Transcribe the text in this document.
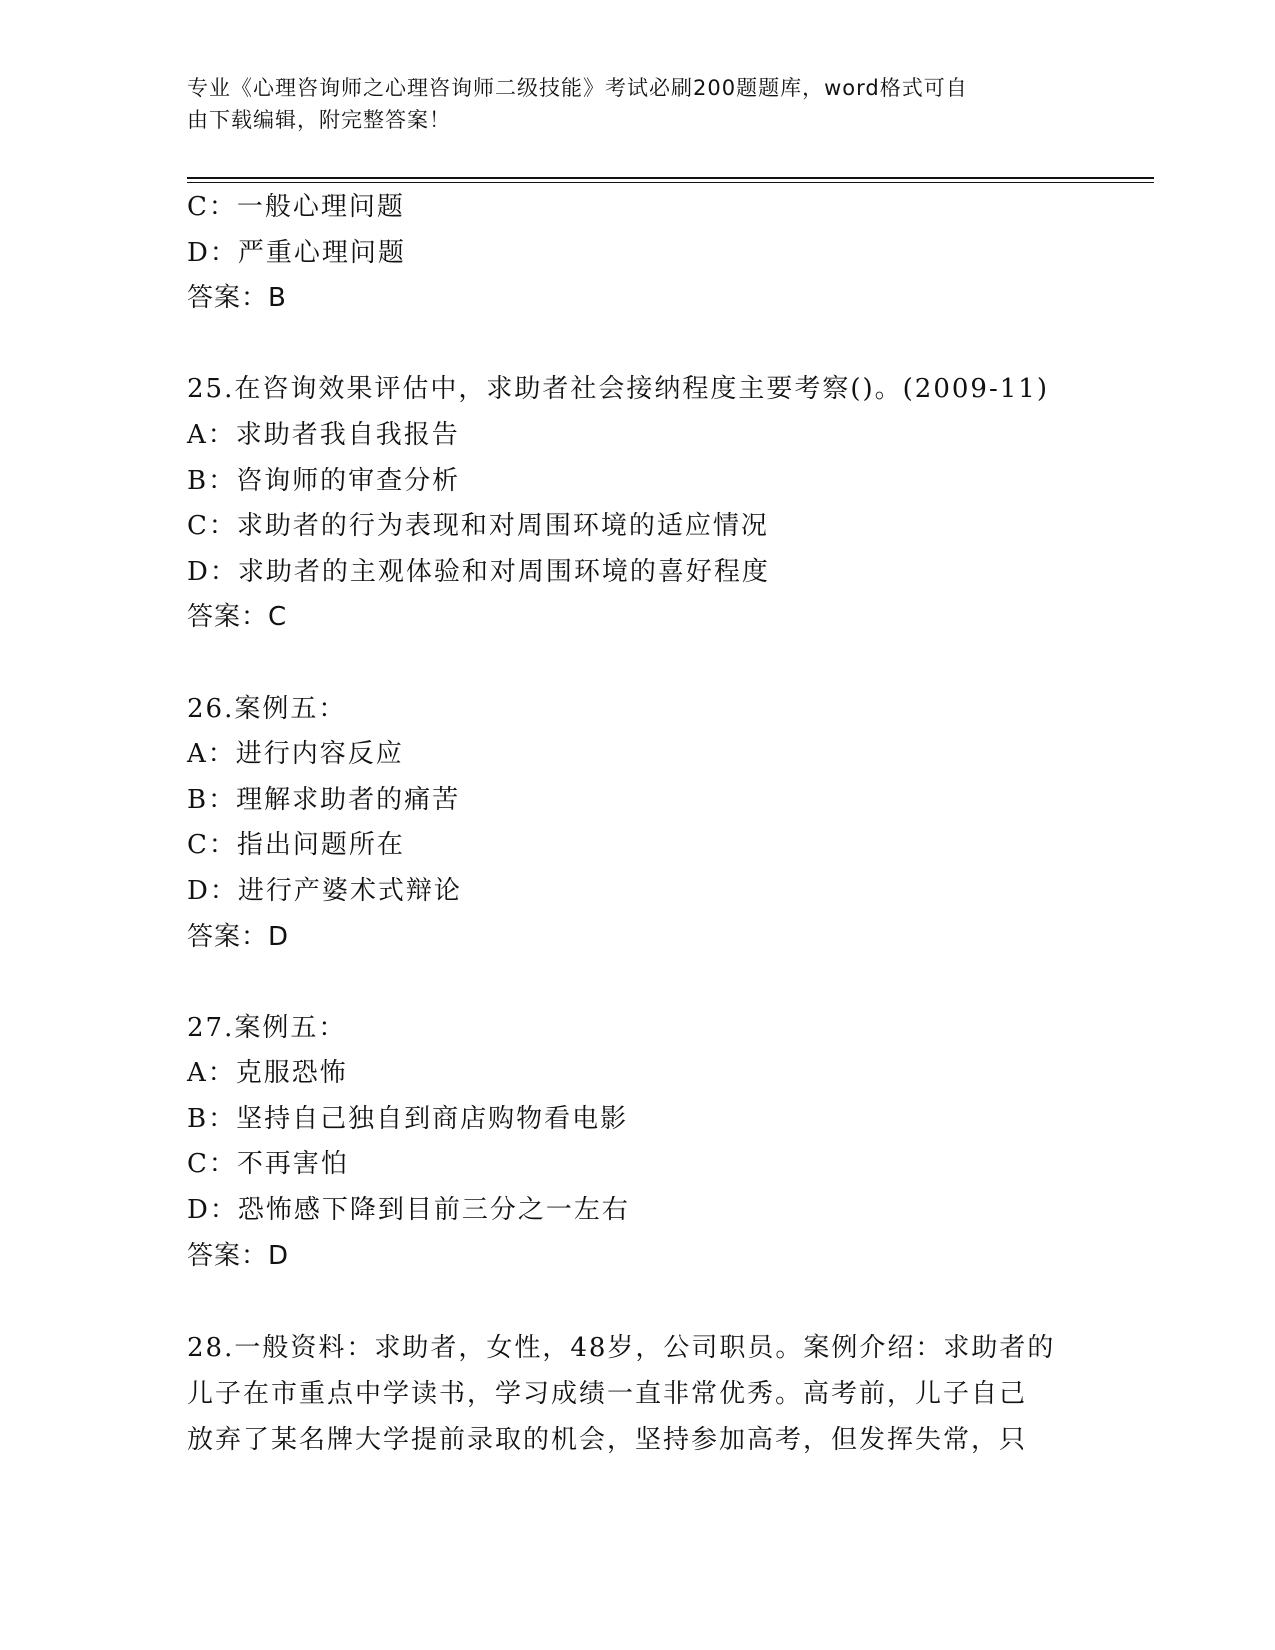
专业《心理咨询师之心理咨询师二级技能》考试必刷200题题库，word格式可自
由下载编辑，附完整答案！
C：一般心理问题
D：严重心理问题
答案：B
25.在咨询效果评估中，求助者社会接纳程度主要考察()。(2009-11)
A：求助者我自我报告
B：咨询师的审查分析
C：求助者的行为表现和对周围环境的适应情况
D：求助者的主观体验和对周围环境的喜好程度
答案：C
26.案例五：
A：进行内容反应
B：理解求助者的痛苦
C：指出问题所在
D：进行产婆术式辩论
答案：D
27.案例五：
A：克服恐怖
B：坚持自己独自到商店购物看电影
C：不再害怕
D：恐怖感下降到目前三分之一左右
答案：D
28.一般资料：求助者，女性，48岁，公司职员。案例介绍：求助者的
儿子在市重点中学读书，学习成绩一直非常优秀。高考前，儿子自己
放弃了某名牌大学提前录取的机会，坚持参加高考，但发挥失常，只
